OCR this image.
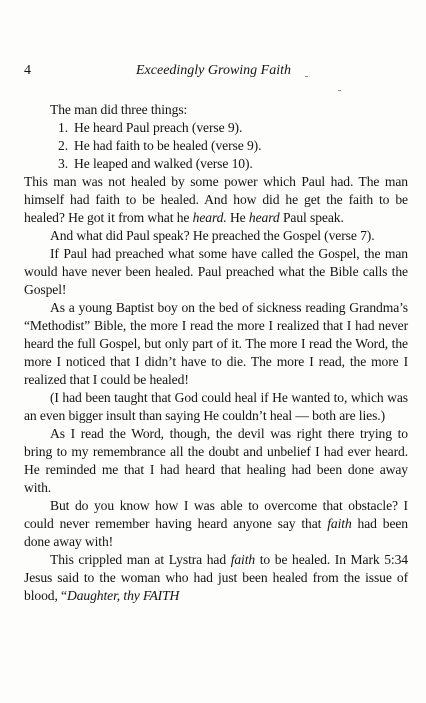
4	Exceedingly Growing Faith

The man did three things:

1. He heard Paul preach (verse 9).
2. He had faith to be healed (verse 9).
3. He leaped and walked (verse 10).

This man was not healed by some power which Paul had. The man himself had faith to be healed. And how did he get the faith to be healed? He got it from what he heard. He heard Paul speak.

And what did Paul speak? He preached the Gospel (verse 7).

If Paul had preached what some have called the Gospel, the man would have never been healed. Paul preached what the Bible calls the Gospel!

As a young Baptist boy on the bed of sickness reading Grandma’s “Methodist” Bible, the more I read the more I realized that I had never heard the full Gospel, but only part of it. The more I read the Word, the more I noticed that I didn’t have to die. The more I read, the more I realized that I could be healed!

(I had been taught that God could heal if He wanted to, which was an even bigger insult than saying He couldn’t heal — both are lies.)

As I read the Word, though, the devil was right there trying to bring to my remembrance all the doubt and unbelief I had ever heard. He reminded me that I had heard that healing had been done away with.

But do you know how I was able to overcome that obstacle? I could never remember having heard anyone say that faith had been done away with!

This crippled man at Lystra had faith to be healed. In Mark 5:34 Jesus said to the woman who had just been healed from the issue of blood, “Daughter, thy FAITH
